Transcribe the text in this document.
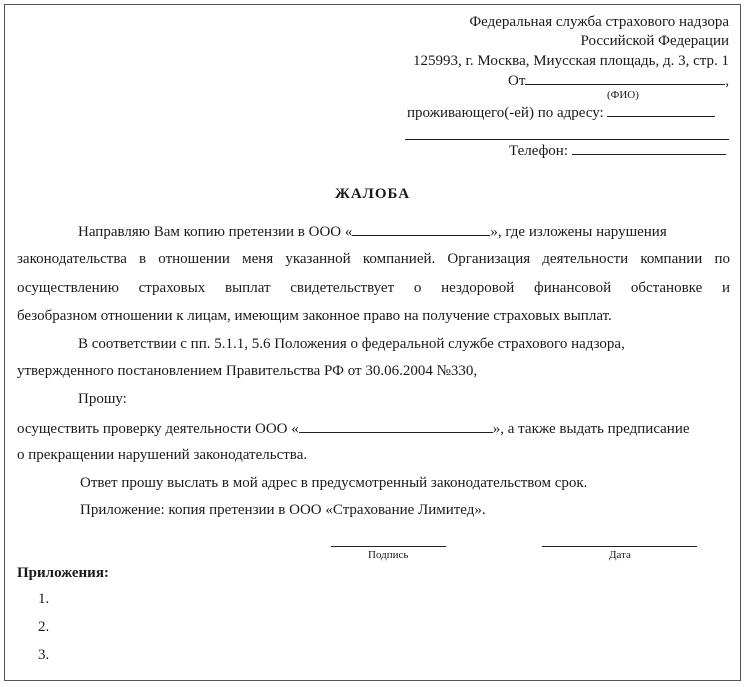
Федеральная служба страхового надзора
Российской Федерации
125993, г. Москва, Миусская площадь, д. 3, стр. 1
От	,
(ФИО)
проживающего(-ей) по адресу:
Телефон:
ЖАЛОБА
Направляю Вам копию претензии в ООО «	», где изложены нарушения
законодательства в отношении меня указанной компанией. Организация деятельности компании по
осуществлению страховых выплат свидетельствует о нездоровой финансовой обстановке и
безобразном отношении к лицам, имеющим законное право на получение страховых выплат.
В соответствии с пп. 5.1.1, 5.6 Положения о федеральной службе страхового надзора,
утвержденного постановлением Правительства РФ от 30.06.2004 №330,
Прошу:
осуществить проверку деятельности ООО «	», а также выдать предписание
о прекращении нарушений законодательства.
Ответ прошу выслать в мой адрес в предусмотренный законодательством срок.
Приложение: копия претензии в ООО «Страхование Лимитед».
Подпись	Дата
Приложения:
1.
2.
3.
